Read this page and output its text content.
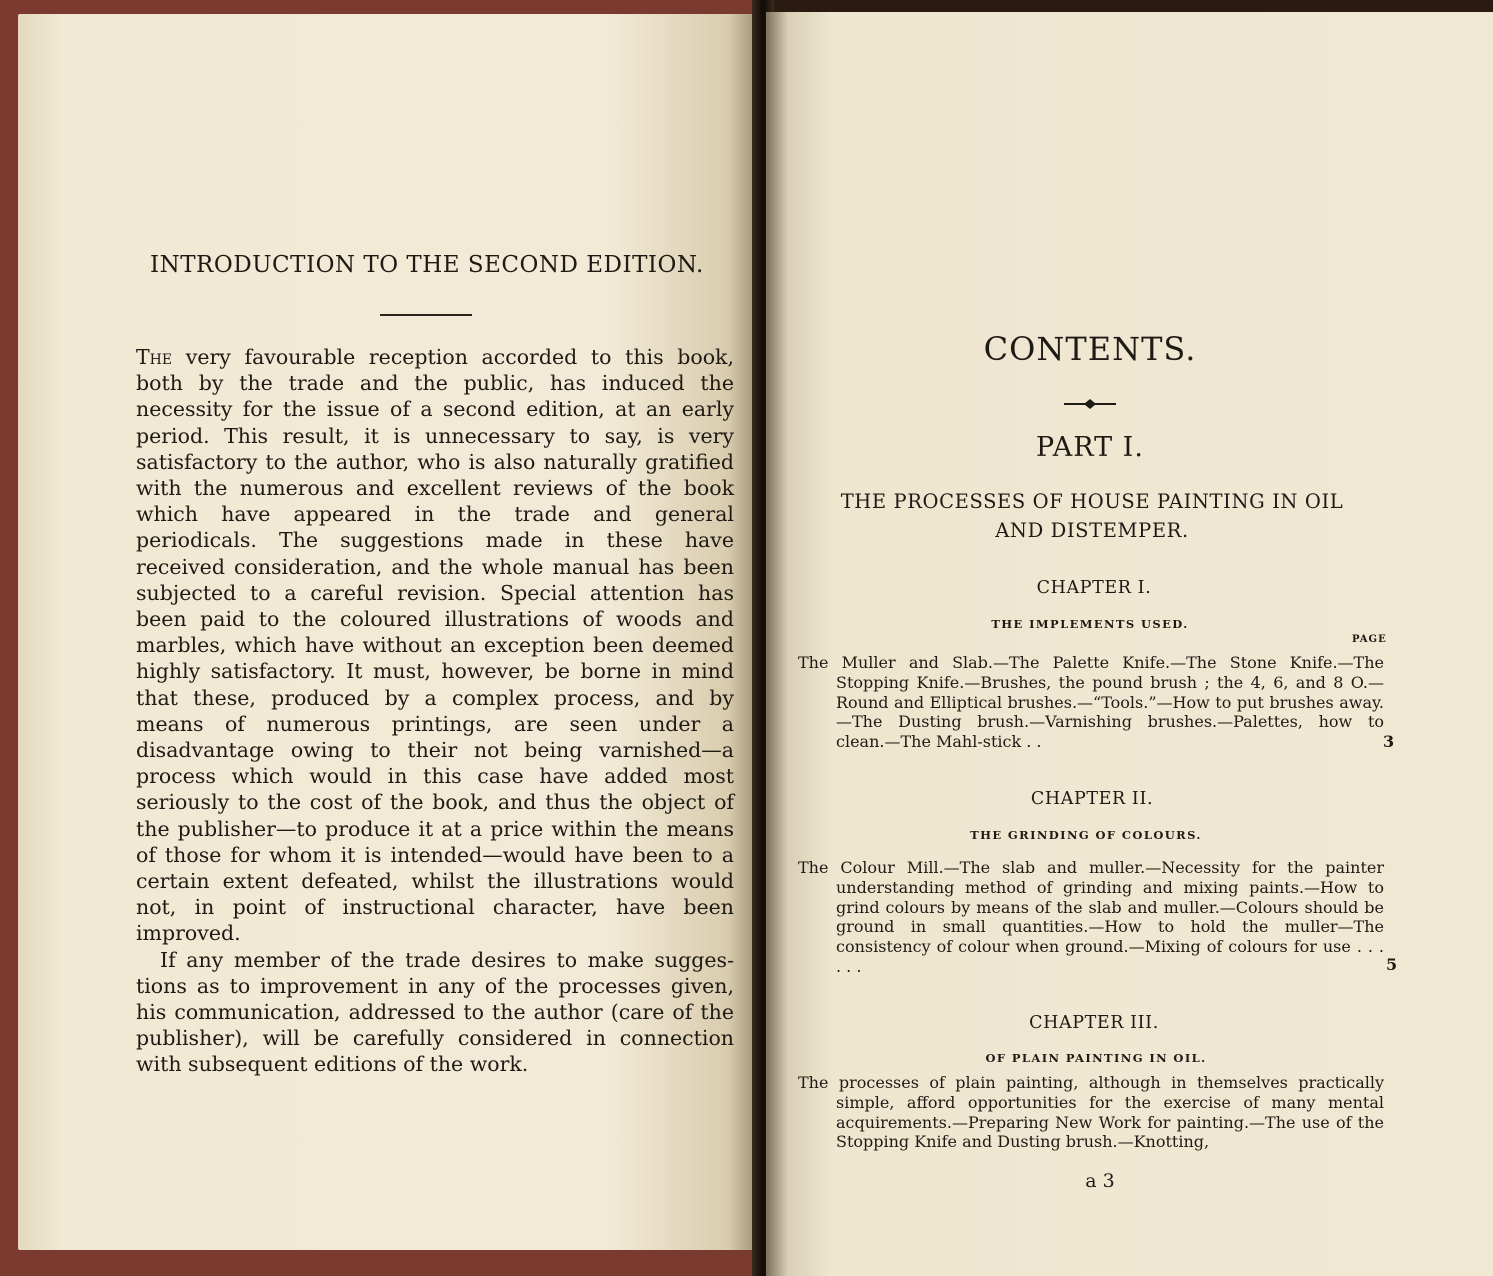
INTRODUCTION TO THE SECOND EDITION.

The very favourable reception accorded to this book, both by the trade and the public, has induced the necessity for the issue of a second edition, at an early period. This result, it is unnecessary to say, is very satisfactory to the author, who is also naturally gratified with the numerous and excellent reviews of the book which have appeared in the trade and general periodicals. The suggestions made in these have received consideration, and the whole manual has been subjected to a careful revision. Special attention has been paid to the coloured illustrations of woods and marbles, which have without an exception been deemed highly satisfactory. It must, however, be borne in mind that these, produced by a complex process, and by means of numerous printings, are seen under a disadvantage owing to their not being varnished—a process which would in this case have added most seriously to the cost of the book, and thus the object of the publisher—to produce it at a price within the means of those for whom it is intended—would have been to a certain extent defeated, whilst the illustrations would not, in point of instructional character, have been improved.

If any member of the trade desires to make suggestions as to improvement in any of the processes given, his communication, addressed to the author (care of the publisher), will be carefully considered in connection with subsequent editions of the work.

CONTENTS.
PART I.
THE PROCESSES OF HOUSE PAINTING IN OIL
AND DISTEMPER.
CHAPTER I.
THE IMPLEMENTS USED.
PAGE
The Muller and Slab.—The Palette Knife.—The Stone Knife.—The Stopping Knife.—Brushes, the pound brush ; the 4, 6, and 8 O.—Round and Elliptical brushes.—“Tools.”—How to put brushes away.—The Dusting brush.—Varnishing brushes.—Palettes, how to clean.—The Mahl-stick . .	3
CHAPTER II.
THE GRINDING OF COLOURS.
The Colour Mill.—The slab and muller.—Necessity for the painter understanding method of grinding and mixing paints.—How to grind colours by means of the slab and muller.—Colours should be ground in small quantities.—How to hold the muller—The consistency of colour when ground.—Mixing of colours for use . . . . . .	5
CHAPTER III.
OF PLAIN PAINTING IN OIL.
The processes of plain painting, although in themselves practically simple, afford opportunities for the exercise of many mental acquirements.—Preparing New Work for painting.—The use of the Stopping Knife and Dusting brush.—Knotting,
a 3
